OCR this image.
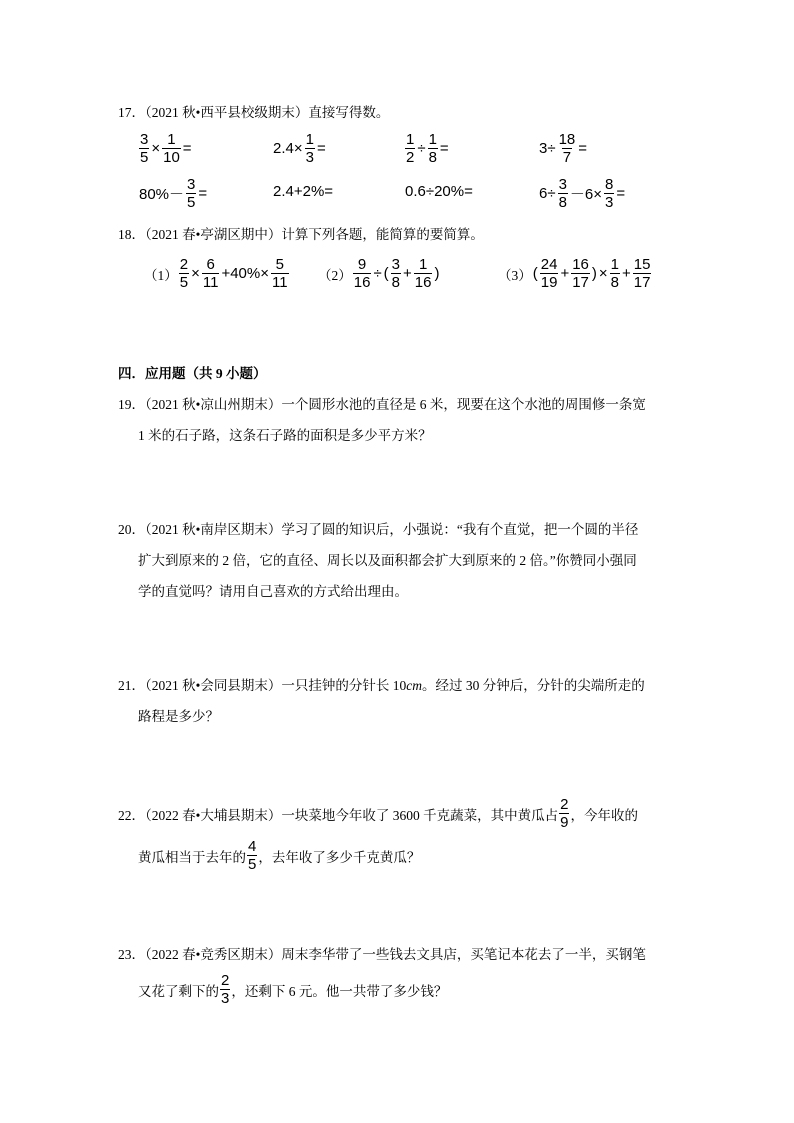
17．（2021 秋•西平县校级期末）直接写得数。
$\frac{3}{5} \times \frac{1}{10}$ =	$2.4\times \frac{1}{3}$ =	$\frac{1}{2} \div \frac{1}{8}$ =	$3\div \frac{18}{7}$ =
$80\%- \frac{3}{5}$ =	2.4+2%=	0.6÷20%=	$6\div \frac{3}{8} -6\times \frac{8}{3}$ =
18．（2021 春•亭湖区期中）计算下列各题，能简算的要简算。
$(1) \frac{2}{5} \times \frac{6}{11} +40\%\times \frac{5}{11} (2) \frac{9}{16}$ ÷ ( $\frac{3}{8} + \frac{1}{16}$ )	（3） ( $\frac{24}{19} + \frac{16}{17}$ ) × $\frac{1}{8} + \frac{15}{17}$
四．应用题（共 9 小题）
19．（2021 秋•凉山州期末）一个圆形水池的直径是 6 米，现要在这个水池的周围修一条宽
1 米的石子路，这条石子路的面积是多少平方米？
20．（2021 秋•南岸区期末）学习了圆的知识后，小强说：“我有个直觉，把一个圆的半径
扩大到原来的 2 倍，它的直径、周长以及面积都会扩大到原来的 2 倍。”你赞同小强同
学的直觉吗？请用自己喜欢的方式给出理由。
21．（2021 秋•会同县期末）一只挂钟的分针长 10cm。经过 30 分钟后，分针的尖端所走的
路程是多少？
22．（2022 春•大埔县期末）一块菜地今年收了 3600 千克蔬菜，其中黄瓜占 $\frac{2}{9}$ ，今年收的
黄瓜相当于去年的 $\frac{4}{5}$ ，去年收了多少千克黄瓜？
23．（2022 春•竞秀区期末）周末李华带了一些钱去文具店，买笔记本花去了一半，买钢笔
又花了剩下的 $\frac{2}{3}$ ，还剩下 6 元。他一共带了多少钱？
